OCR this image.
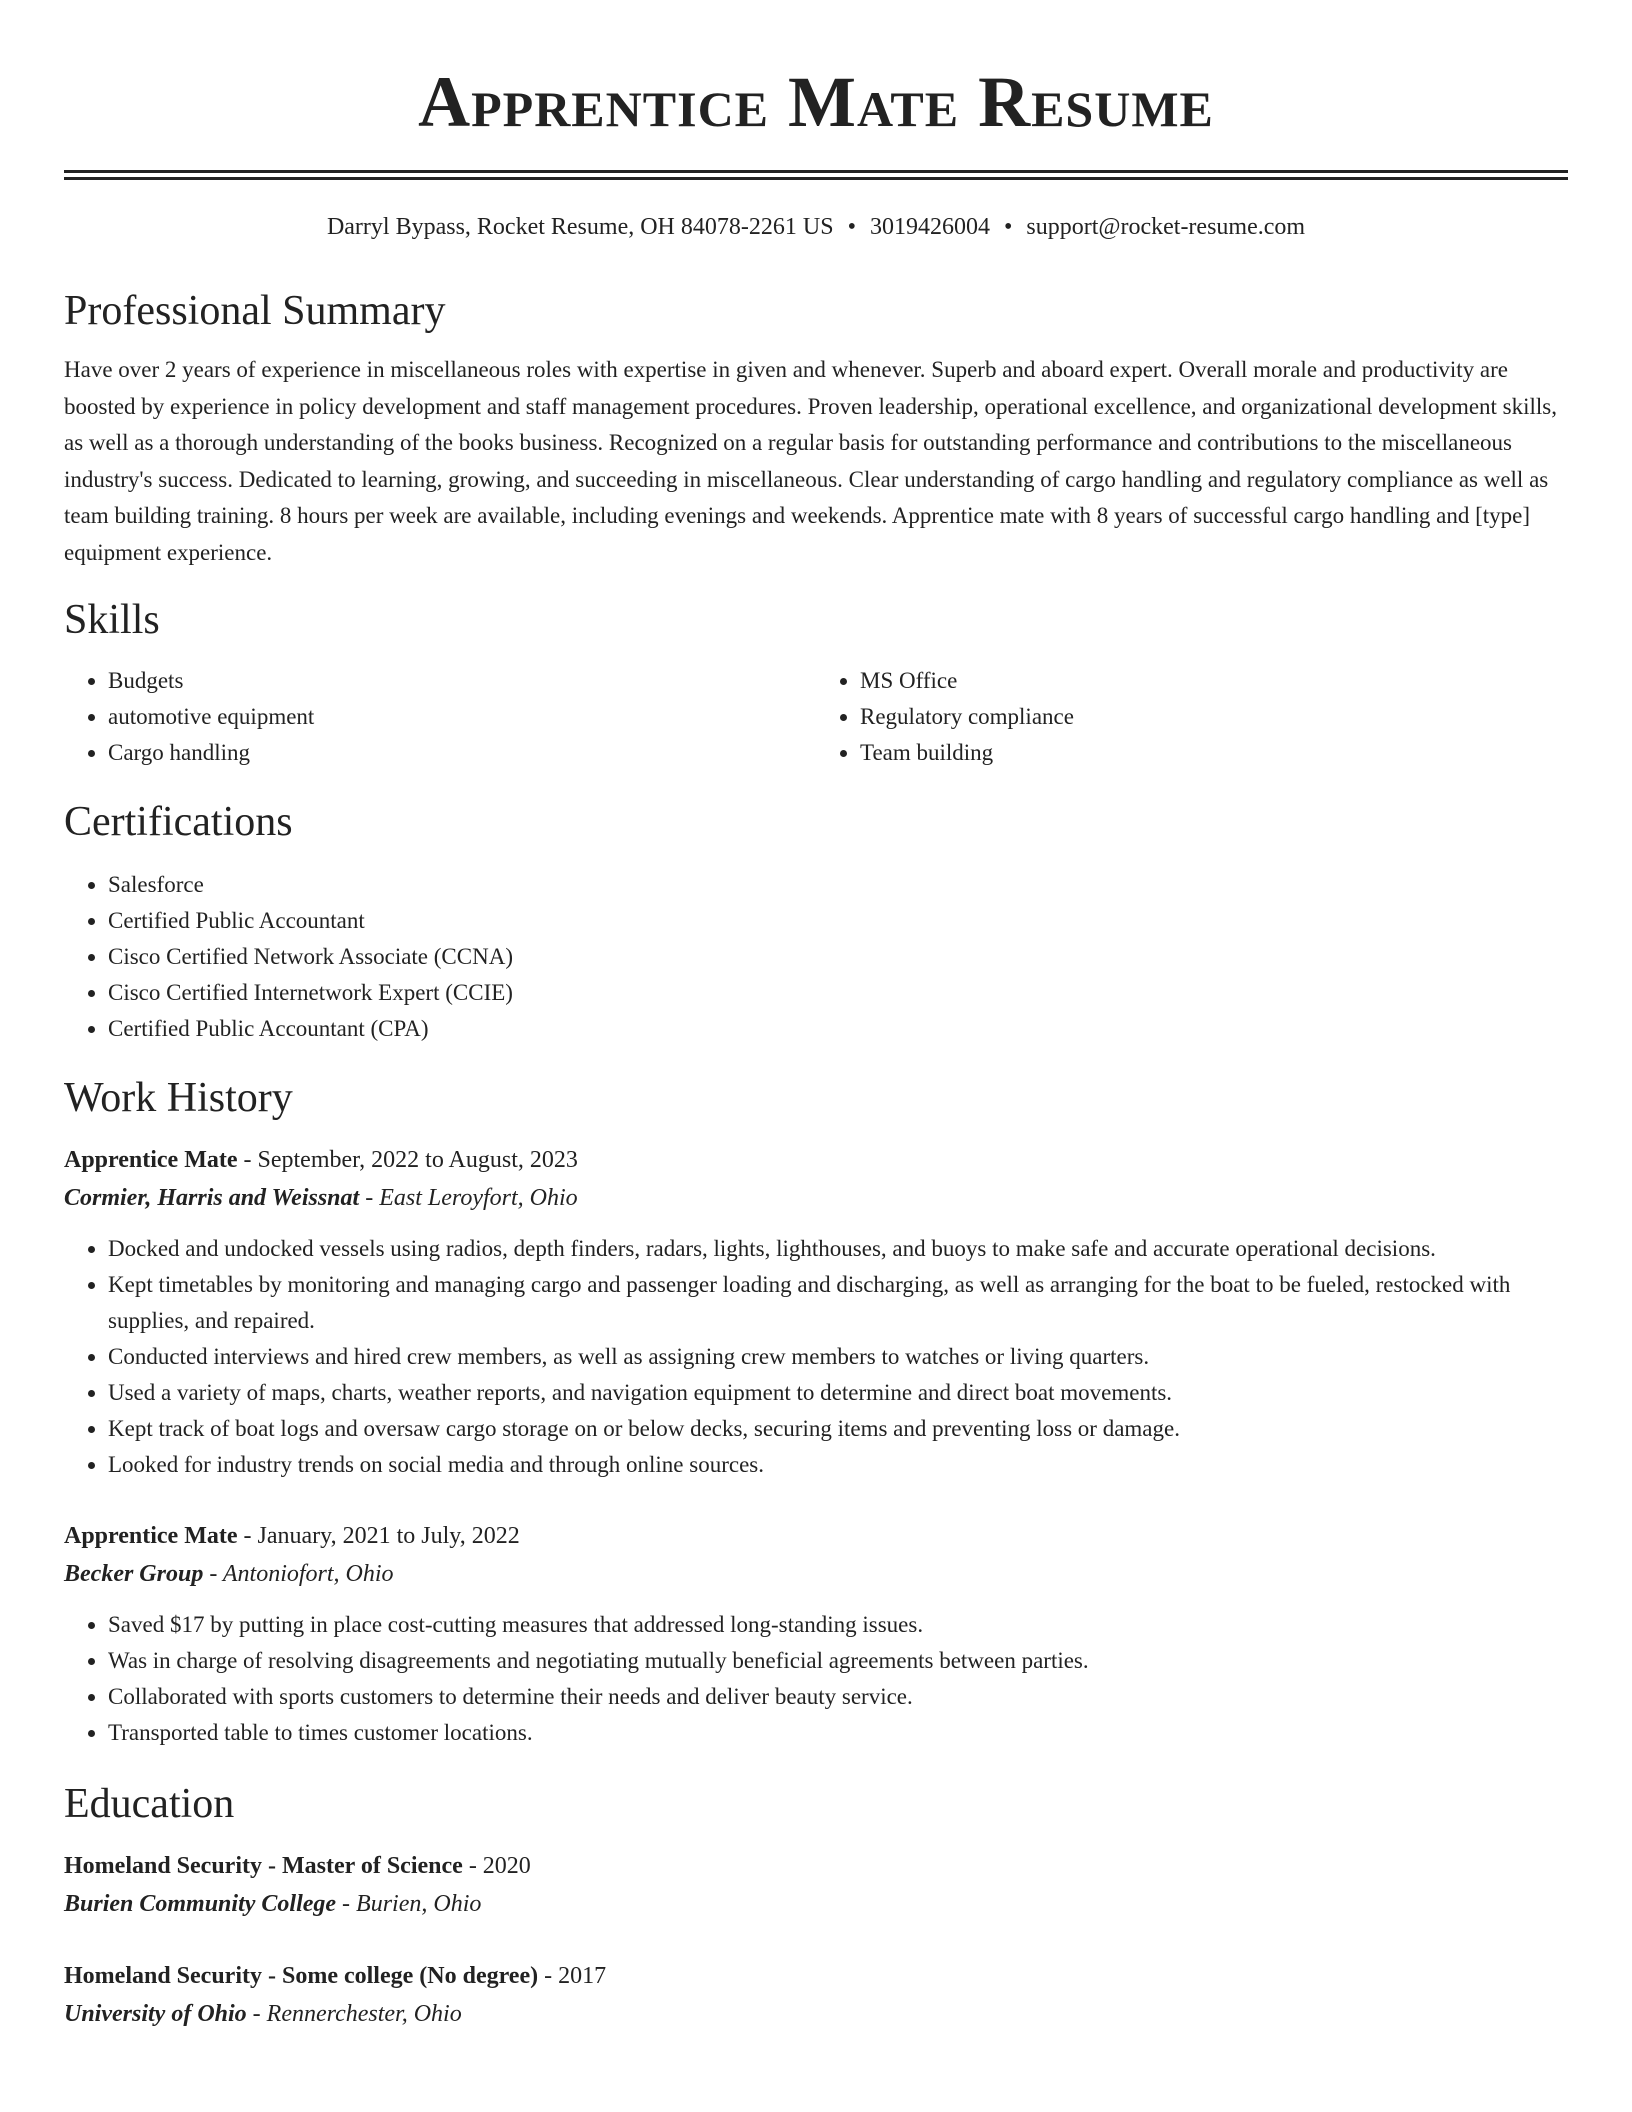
Apprentice Mate Resume
Darryl Bypass, Rocket Resume, OH 84078-2261 US • 3019426004 • support@rocket-resume.com
Professional Summary
Have over 2 years of experience in miscellaneous roles with expertise in given and whenever. Superb and aboard expert. Overall morale and productivity are boosted by experience in policy development and staff management procedures. Proven leadership, operational excellence, and organizational development skills, as well as a thorough understanding of the books business. Recognized on a regular basis for outstanding performance and contributions to the miscellaneous industry's success. Dedicated to learning, growing, and succeeding in miscellaneous. Clear understanding of cargo handling and regulatory compliance as well as team building training. 8 hours per week are available, including evenings and weekends. Apprentice mate with 8 years of successful cargo handling and [type] equipment experience.
Skills
• Budgets
• automotive equipment
• Cargo handling
• MS Office
• Regulatory compliance
• Team building
Certifications
• Salesforce
• Certified Public Accountant
• Cisco Certified Network Associate (CCNA)
• Cisco Certified Internetwork Expert (CCIE)
• Certified Public Accountant (CPA)
Work History
Apprentice Mate - September, 2022 to August, 2023
Cormier, Harris and Weissnat - East Leroyfort, Ohio
• Docked and undocked vessels using radios, depth finders, radars, lights, lighthouses, and buoys to make safe and accurate operational decisions.
• Kept timetables by monitoring and managing cargo and passenger loading and discharging, as well as arranging for the boat to be fueled, restocked with supplies, and repaired.
• Conducted interviews and hired crew members, as well as assigning crew members to watches or living quarters.
• Used a variety of maps, charts, weather reports, and navigation equipment to determine and direct boat movements.
• Kept track of boat logs and oversaw cargo storage on or below decks, securing items and preventing loss or damage.
• Looked for industry trends on social media and through online sources.
Apprentice Mate - January, 2021 to July, 2022
Becker Group - Antoniofort, Ohio
• Saved $17 by putting in place cost-cutting measures that addressed long-standing issues.
• Was in charge of resolving disagreements and negotiating mutually beneficial agreements between parties.
• Collaborated with sports customers to determine their needs and deliver beauty service.
• Transported table to times customer locations.
Education
Homeland Security - Master of Science - 2020
Burien Community College - Burien, Ohio
Homeland Security - Some college (No degree) - 2017
University of Ohio - Rennerchester, Ohio
